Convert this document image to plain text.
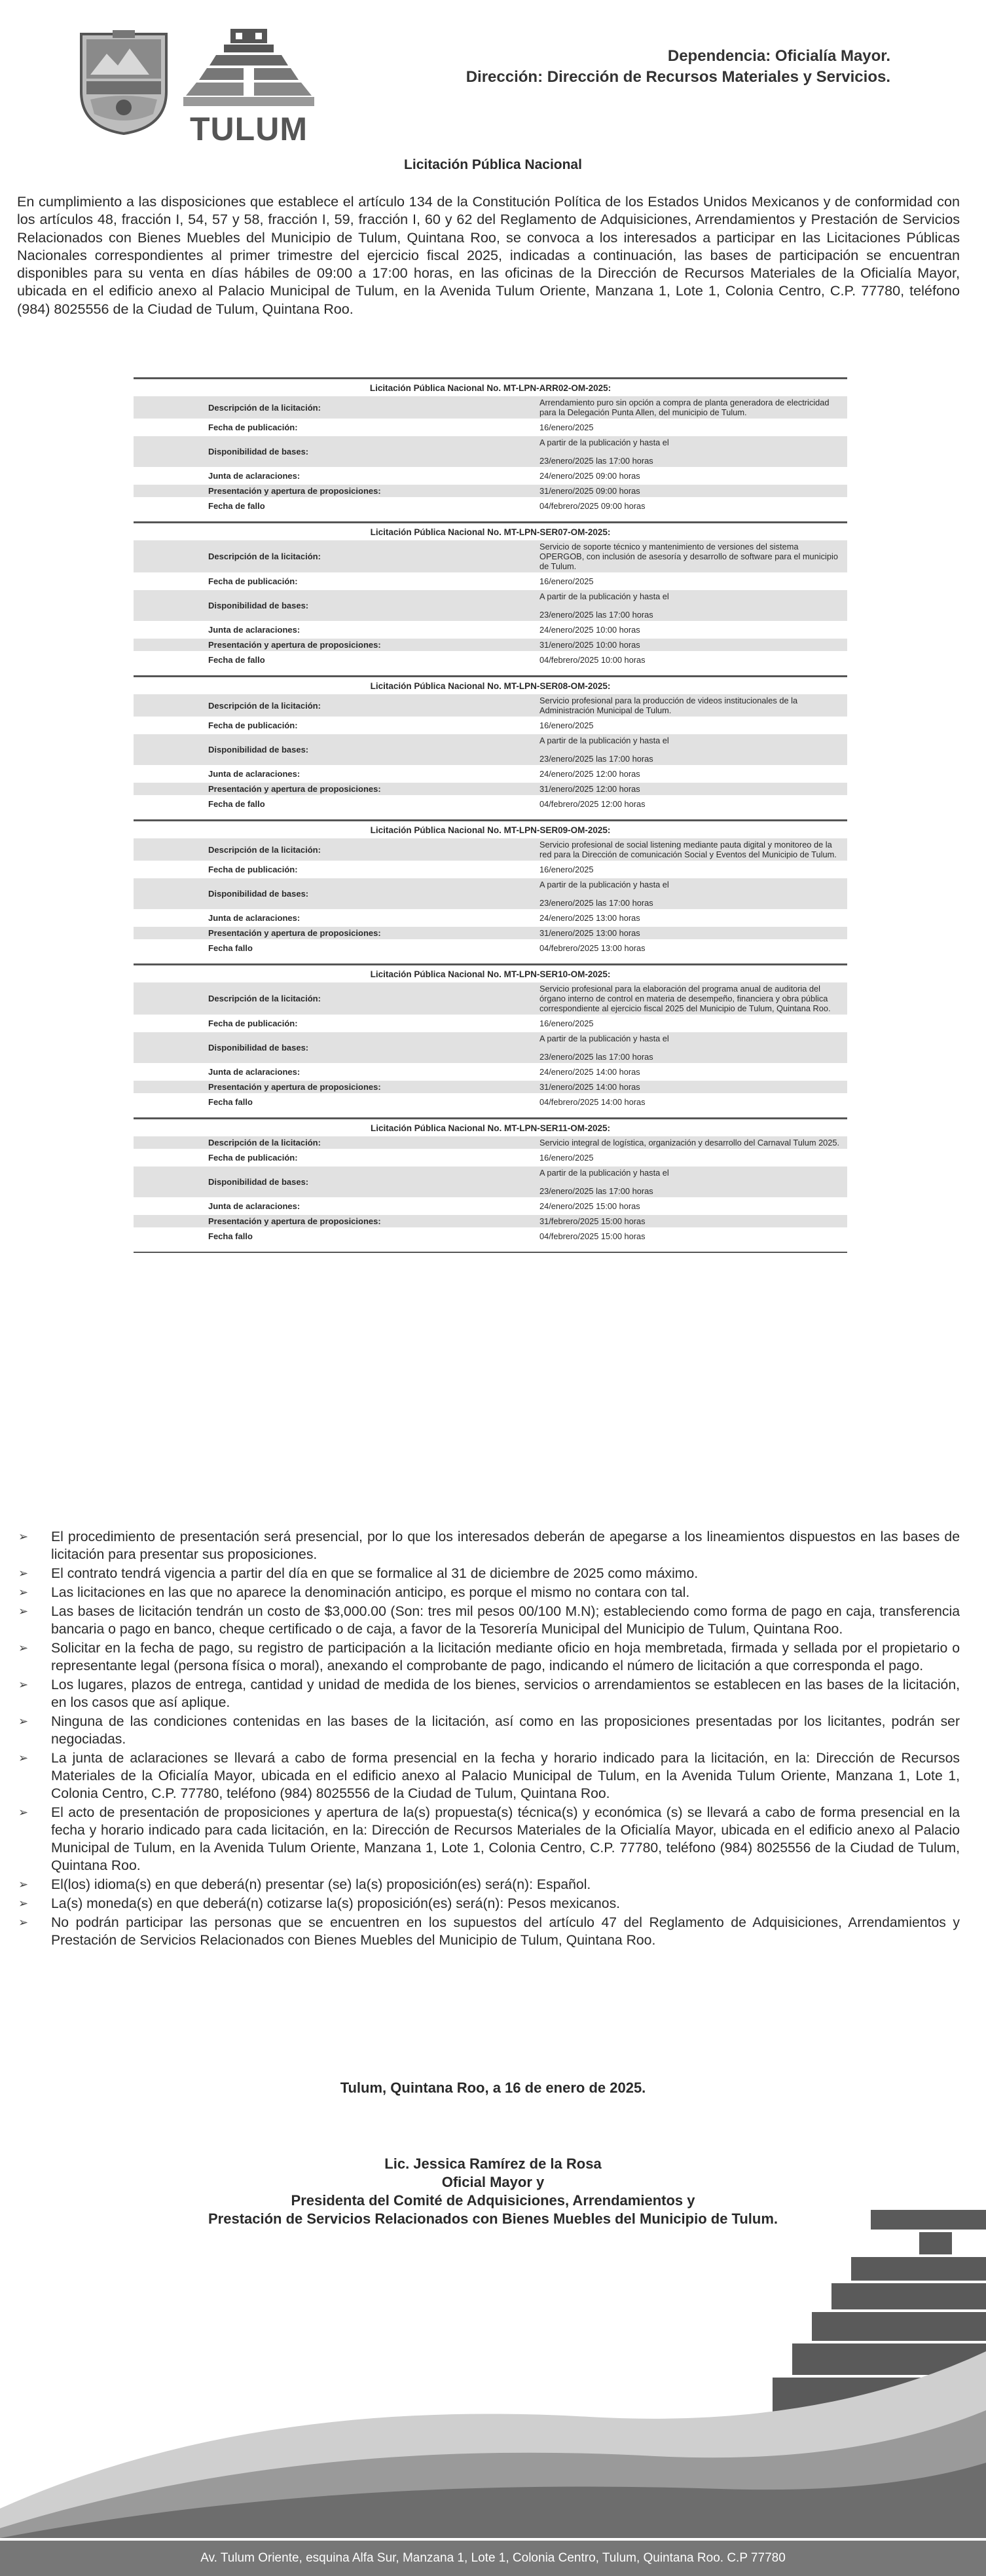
TULUM
Dependencia: Oficialía Mayor.
Dirección: Dirección de Recursos Materiales y Servicios.
Licitación Pública Nacional

En cumplimiento a las disposiciones que establece el artículo 134 de la Constitución Política de los Estados Unidos Mexicanos y de conformidad con los artículos 48, fracción I, 54, 57 y 58, fracción I, 59, fracción I, 60 y 62 del Reglamento de Adquisiciones, Arrendamientos y Prestación de Servicios Relacionados con Bienes Muebles del Municipio de Tulum, Quintana Roo, se convoca a los interesados a participar en las Licitaciones Públicas Nacionales correspondientes al primer trimestre del ejercicio fiscal 2025, indicadas a continuación, las bases de participación se encuentran disponibles para su venta en días hábiles de 09:00 a 17:00 horas, en las oficinas de la Dirección de Recursos Materiales de la Oficialía Mayor, ubicada en el edificio anexo al Palacio Municipal de Tulum, en la Avenida Tulum Oriente, Manzana 1, Lote 1, Colonia Centro, C.P. 77780, teléfono (984) 8025556 de la Ciudad de Tulum, Quintana Roo.

Licitación Pública Nacional No. MT-LPN-ARR02-OM-2025:
Descripción de la licitación:	Arrendamiento puro sin opción a compra de planta generadora de electricidad para la Delegación Punta Allen, del municipio de Tulum.
Fecha de publicación:	16/enero/2025
Disponibilidad de bases:
A partir de la publicación y hasta el
23/enero/2025 las 17:00 horas
Junta de aclaraciones:	24/enero/2025 09:00 horas
Presentación y apertura de proposiciones:	31/enero/2025 09:00 horas
Fecha de fallo	04/febrero/2025 09:00 horas
Licitación Pública Nacional No. MT-LPN-SER07-OM-2025:
Descripción de la licitación:
Servicio de soporte técnico y mantenimiento de versiones del sistema OPERGOB, con inclusión de asesoría y desarrollo de software para el municipio de Tulum.
Fecha de publicación:	16/enero/2025
Disponibilidad de bases:
A partir de la publicación y hasta el
23/enero/2025 las 17:00 horas
Junta de aclaraciones:	24/enero/2025 10:00 horas
Presentación y apertura de proposiciones:	31/enero/2025 10:00 horas
Fecha de fallo	04/febrero/2025 10:00 horas
Licitación Pública Nacional No. MT-LPN-SER08-OM-2025:
Descripción de la licitación:	Servicio profesional para la producción de videos institucionales de la Administración Municipal de Tulum.
Fecha de publicación:	16/enero/2025
Disponibilidad de bases:
A partir de la publicación y hasta el
23/enero/2025 las 17:00 horas
Junta de aclaraciones:	24/enero/2025 12:00 horas
Presentación y apertura de proposiciones:	31/enero/2025 12:00 horas
Fecha de fallo	04/febrero/2025 12:00 horas
Licitación Pública Nacional No. MT-LPN-SER09-OM-2025:
Descripción de la licitación:	Servicio profesional de social listening mediante pauta digital y monitoreo de la red para la Dirección de comunicación Social y Eventos del Municipio de Tulum.
Fecha de publicación:	16/enero/2025
Disponibilidad de bases:
A partir de la publicación y hasta el
23/enero/2025 las 17:00 horas
Junta de aclaraciones:	24/enero/2025 13:00 horas
Presentación y apertura de proposiciones:	31/enero/2025 13:00 horas
Fecha fallo	04/febrero/2025 13:00 horas
Licitación Pública Nacional No. MT-LPN-SER10-OM-2025:
Descripción de la licitación:
Servicio profesional para la elaboración del programa anual de auditoria del órgano interno de control en materia de desempeño, financiera y obra pública correspondiente al ejercicio fiscal 2025 del Municipio de Tulum, Quintana Roo.
Fecha de publicación:	16/enero/2025
Disponibilidad de bases:
A partir de la publicación y hasta el
23/enero/2025 las 17:00 horas
Junta de aclaraciones:	24/enero/2025 14:00 horas
Presentación y apertura de proposiciones:	31/enero/2025 14:00 horas
Fecha fallo	04/febrero/2025 14:00 horas
Licitación Pública Nacional No. MT-LPN-SER11-OM-2025:
Descripción de la licitación:	Servicio integral de logística, organización y desarrollo del Carnaval Tulum 2025.
Fecha de publicación:	16/enero/2025
Disponibilidad de bases:
A partir de la publicación y hasta el
23/enero/2025 las 17:00 horas
Junta de aclaraciones:	24/enero/2025 15:00 horas
Presentación y apertura de proposiciones:	31/febrero/2025 15:00 horas
Fecha fallo	04/febrero/2025 15:00 horas
➢ El procedimiento de presentación será presencial, por lo que los interesados deberán de apegarse a los lineamientos dispuestos en las bases de licitación para presentar sus proposiciones.
➢ El contrato tendrá vigencia a partir del día en que se formalice al 31 de diciembre de 2025 como máximo.
➢ Las licitaciones en las que no aparece la denominación anticipo, es porque el mismo no contara con tal.
➢ Las bases de licitación tendrán un costo de $3,000.00 (Son: tres mil pesos 00/100 M.N); estableciendo como forma de pago en caja, transferencia bancaria o pago en banco, cheque certificado o de caja, a favor de la Tesorería Municipal del Municipio de Tulum, Quintana Roo.
➢ Solicitar en la fecha de pago, su registro de participación a la licitación mediante oficio en hoja membretada, firmada y sellada por el propietario o representante legal (persona física o moral), anexando el comprobante de pago, indicando el número de licitación a que corresponda el pago.
➢ Los lugares, plazos de entrega, cantidad y unidad de medida de los bienes, servicios o arrendamientos se establecen en las bases de la licitación, en los casos que así aplique.
➢ Ninguna de las condiciones contenidas en las bases de la licitación, así como en las proposiciones presentadas por los licitantes, podrán ser negociadas.
➢ La junta de aclaraciones se llevará a cabo de forma presencial en la fecha y horario indicado para la licitación, en la: Dirección de Recursos Materiales de la Oficialía Mayor, ubicada en el edificio anexo al Palacio Municipal de Tulum, en la Avenida Tulum Oriente, Manzana 1, Lote 1, Colonia Centro, C.P. 77780, teléfono (984) 8025556 de la Ciudad de Tulum, Quintana Roo.
➢ El acto de presentación de proposiciones y apertura de la(s) propuesta(s) técnica(s) y económica (s) se llevará a cabo de forma presencial en la fecha y horario indicado para cada licitación, en la: Dirección de Recursos Materiales de la Oficialía Mayor, ubicada en el edificio anexo al Palacio Municipal de Tulum, en la Avenida Tulum Oriente, Manzana 1, Lote 1, Colonia Centro, C.P. 77780, teléfono (984) 8025556 de la Ciudad de Tulum, Quintana Roo.
➢ El(los) idioma(s) en que deberá(n) presentar (se) la(s) proposición(es) será(n): Español.
➢ La(s) moneda(s) en que deberá(n) cotizarse la(s) proposición(es) será(n): Pesos mexicanos.
➢ No podrán participar las personas que se encuentren en los supuestos del artículo 47 del Reglamento de Adquisiciones, Arrendamientos y Prestación de Servicios Relacionados con Bienes Muebles del Municipio de Tulum, Quintana Roo.
Tulum, Quintana Roo, a 16 de enero de 2025.
Lic. Jessica Ramírez de la Rosa
Oficial Mayor y
Presidenta del Comité de Adquisiciones, Arrendamientos y
Prestación de Servicios Relacionados con Bienes Muebles del Municipio de Tulum.
Av. Tulum Oriente, esquina Alfa Sur, Manzana 1, Lote 1, Colonia Centro, Tulum, Quintana Roo. C.P 77780
